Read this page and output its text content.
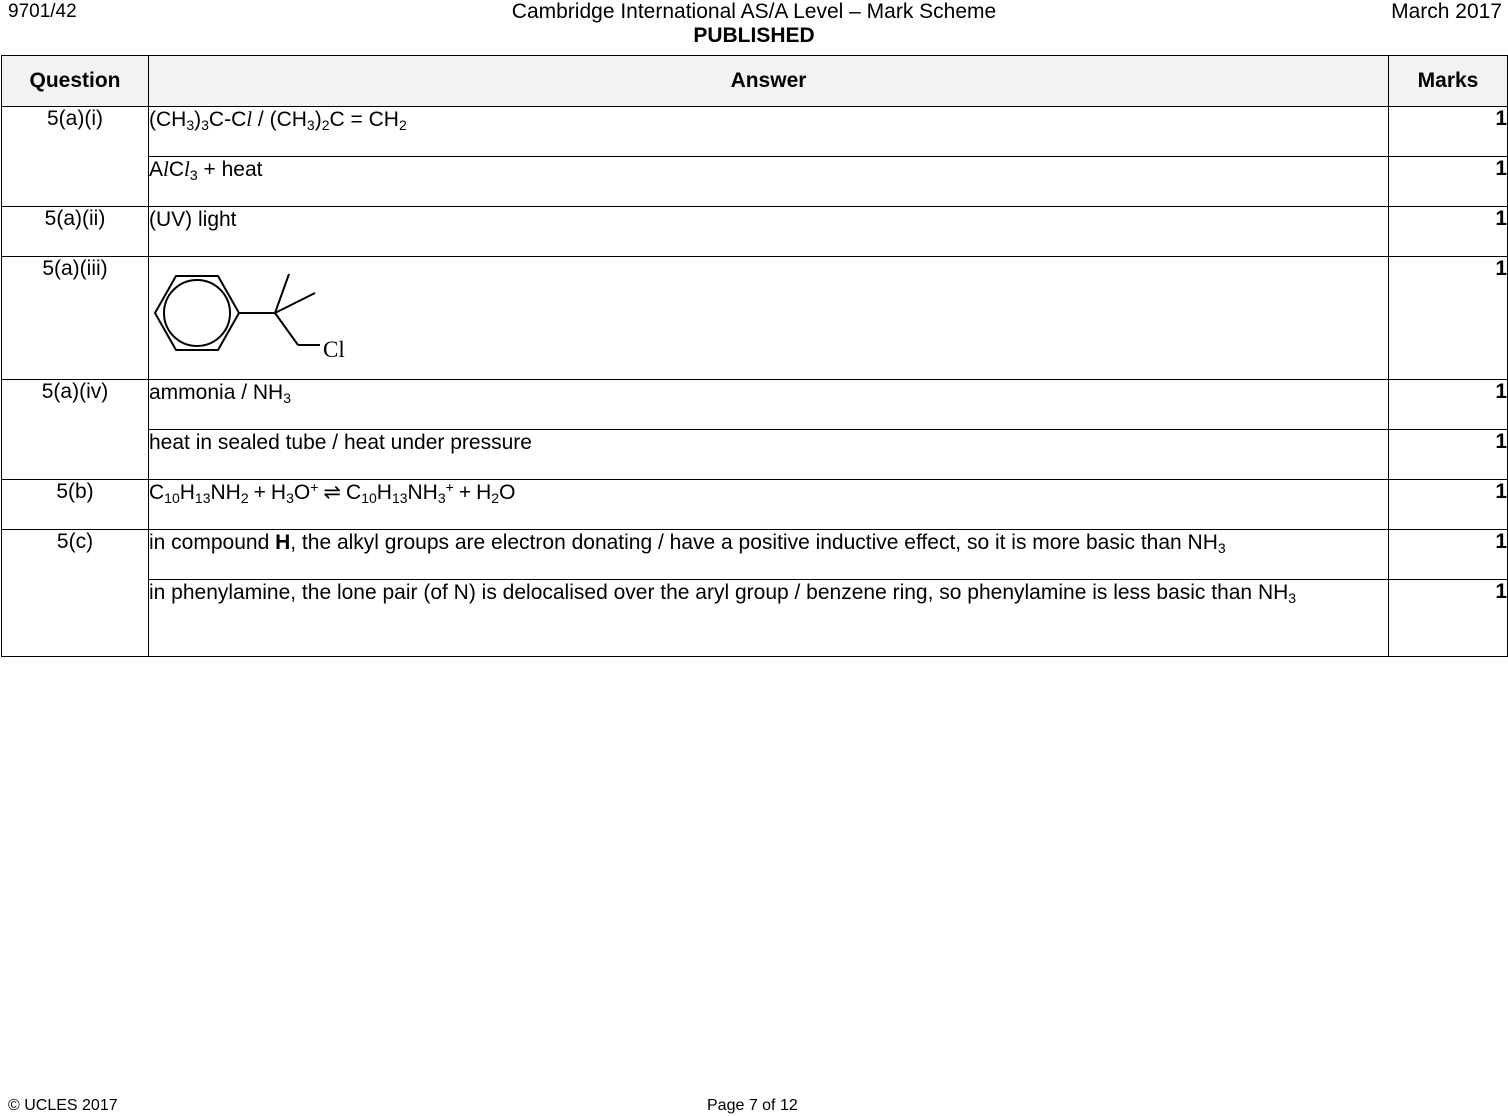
9701/42	Cambridge International AS/A Level – Mark Scheme	March 2017
PUBLISHED
Question	Answer	Marks
5(a)(i)	$(CH_3)_3C-Cl / (CH_3)_2C = CH_2$	1
	AlCl$_3$ + heat	1
5(a)(ii)	(UV) light	1
5(a)(iii)	Cl	1
5(a)(iv)	ammonia / $NH_3$	1
	heat in sealed tube / heat under pressure	1
5(b)	$C_{10}H_{13}NH_2 + H_3O^+$ ⇌ $C_{10}H_{13}NH_3^+ + H_2O$	1
5(c)	in compound H, the alkyl groups are electron donating / have a positive inductive effect, so it is more basic than $NH_3$	1
	in phenylamine, the lone pair (of N) is delocalised over the aryl group / benzene ring, so phenylamine is less basic than $NH_3$	1
© UCLES 2017	Page 7 of 12
